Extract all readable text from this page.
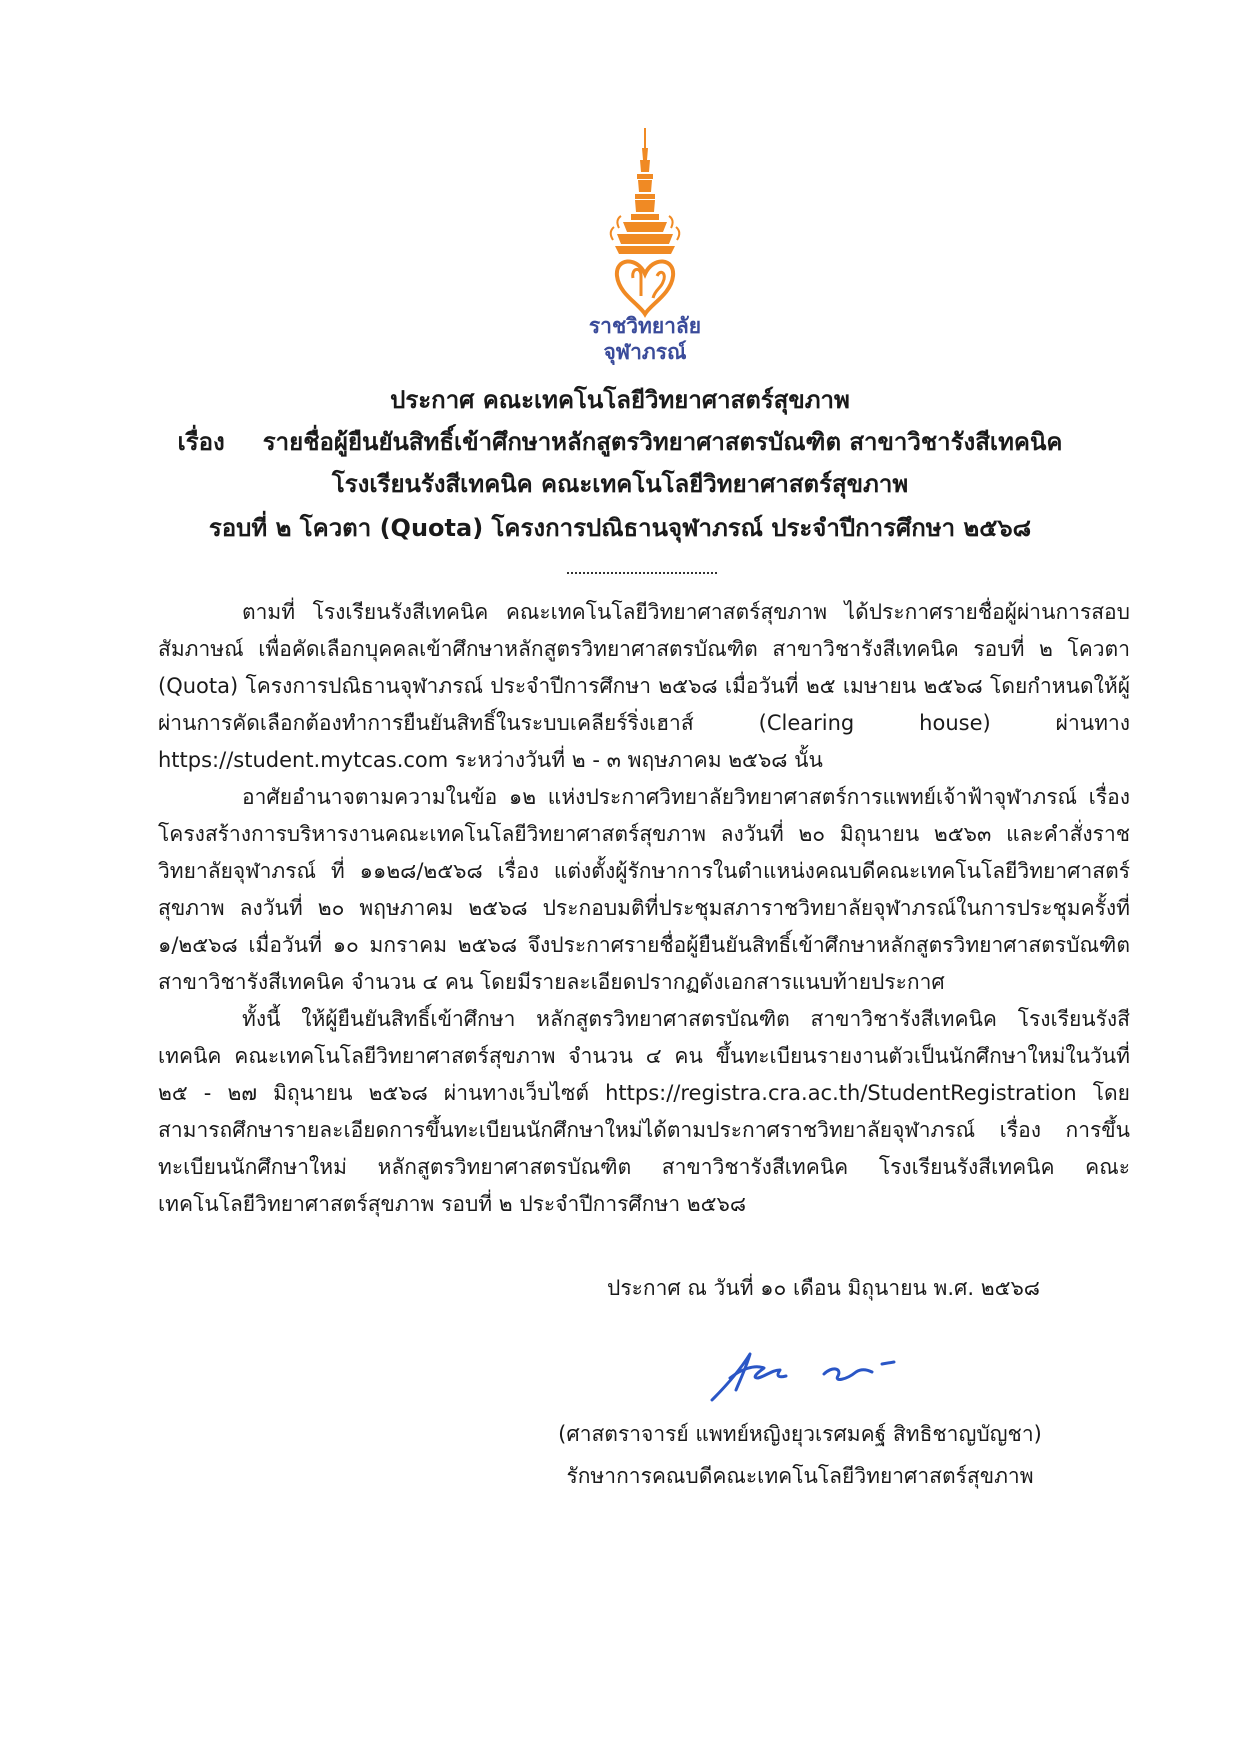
ราชวิทยาลัย
จุฬาภรณ์
ประกาศ คณะเทคโนโลยีวิทยาศาสตร์สุขภาพ
เรื่อง รายชื่อผู้ยืนยันสิทธิ์เข้าศึกษาหลักสูตรวิทยาศาสตรบัณฑิต สาขาวิชารังสีเทคนิค
โรงเรียนรังสีเทคนิค คณะเทคโนโลยีวิทยาศาสตร์สุขภาพ
รอบที่ ๒ โควตา (Quota) โครงการปณิธานจุฬาภรณ์ ประจำปีการศึกษา ๒๕๖๘

ตามที่ โรงเรียนรังสีเทคนิค คณะเทคโนโลยีวิทยาศาสตร์สุขภาพ ได้ประกาศรายชื่อผู้ผ่านการสอบสัมภาษณ์ เพื่อคัดเลือกบุคคลเข้าศึกษาหลักสูตรวิทยาศาสตรบัณฑิต สาขาวิชารังสีเทคนิค รอบที่ ๒ โควตา (Quota) โครงการปณิธานจุฬาภรณ์ ประจำปีการศึกษา ๒๕๖๘ เมื่อวันที่ ๒๕ เมษายน ๒๕๖๘ โดยกำหนดให้ผู้ผ่านการคัดเลือกต้องทำการยืนยันสิทธิ์ในระบบเคลียร์ริ่งเฮาส์ (Clearing house) ผ่านทาง https://student.mytcas.com ระหว่างวันที่ ๒ - ๓ พฤษภาคม ๒๕๖๘ นั้น

อาศัยอำนาจตามความในข้อ ๑๒ แห่งประกาศวิทยาลัยวิทยาศาสตร์การแพทย์เจ้าฟ้าจุฬาภรณ์ เรื่อง โครงสร้างการบริหารงานคณะเทคโนโลยีวิทยาศาสตร์สุขภาพ ลงวันที่ ๒๐ มิถุนายน ๒๕๖๓ และคำสั่งราชวิทยาลัยจุฬาภรณ์ ที่ ๑๑๒๘/๒๕๖๘ เรื่อง แต่งตั้งผู้รักษาการในตำแหน่งคณบดีคณะเทคโนโลยีวิทยาศาสตร์สุขภาพ ลงวันที่ ๒๐ พฤษภาคม ๒๕๖๘ ประกอบมติที่ประชุมสภาราชวิทยาลัยจุฬาภรณ์ในการประชุมครั้งที่ ๑/๒๕๖๘ เมื่อวันที่ ๑๐ มกราคม ๒๕๖๘ จึงประกาศรายชื่อผู้ยืนยันสิทธิ์เข้าศึกษาหลักสูตรวิทยาศาสตรบัณฑิต สาขาวิชารังสีเทคนิค จำนวน ๔ คน โดยมีรายละเอียดปรากฏดังเอกสารแนบท้ายประกาศ

ทั้งนี้ ให้ผู้ยืนยันสิทธิ์เข้าศึกษา หลักสูตรวิทยาศาสตรบัณฑิต สาขาวิชารังสีเทคนิค โรงเรียนรังสีเทคนิค คณะเทคโนโลยีวิทยาศาสตร์สุขภาพ จำนวน ๔ คน ขึ้นทะเบียนรายงานตัวเป็นนักศึกษาใหม่ในวันที่ ๒๕ - ๒๗ มิถุนายน ๒๕๖๘ ผ่านทางเว็บไซต์ https://registra.cra.ac.th/StudentRegistration โดยสามารถศึกษารายละเอียดการขึ้นทะเบียนนักศึกษาใหม่ได้ตามประกาศราชวิทยาลัยจุฬาภรณ์ เรื่อง การขึ้นทะเบียนนักศึกษาใหม่ หลักสูตรวิทยาศาสตรบัณฑิต สาขาวิชารังสีเทคนิค โรงเรียนรังสีเทคนิค คณะเทคโนโลยีวิทยาศาสตร์สุขภาพ รอบที่ ๒ ประจำปีการศึกษา ๒๕๖๘

ประกาศ ณ วันที่ ๑๐ เดือน มิถุนายน พ.ศ. ๒๕๖๘
(ศาสตราจารย์ แพทย์หญิงยุวเรศมคฐ์ สิทธิชาญบัญชา)
รักษาการคณบดีคณะเทคโนโลยีวิทยาศาสตร์สุขภาพ
